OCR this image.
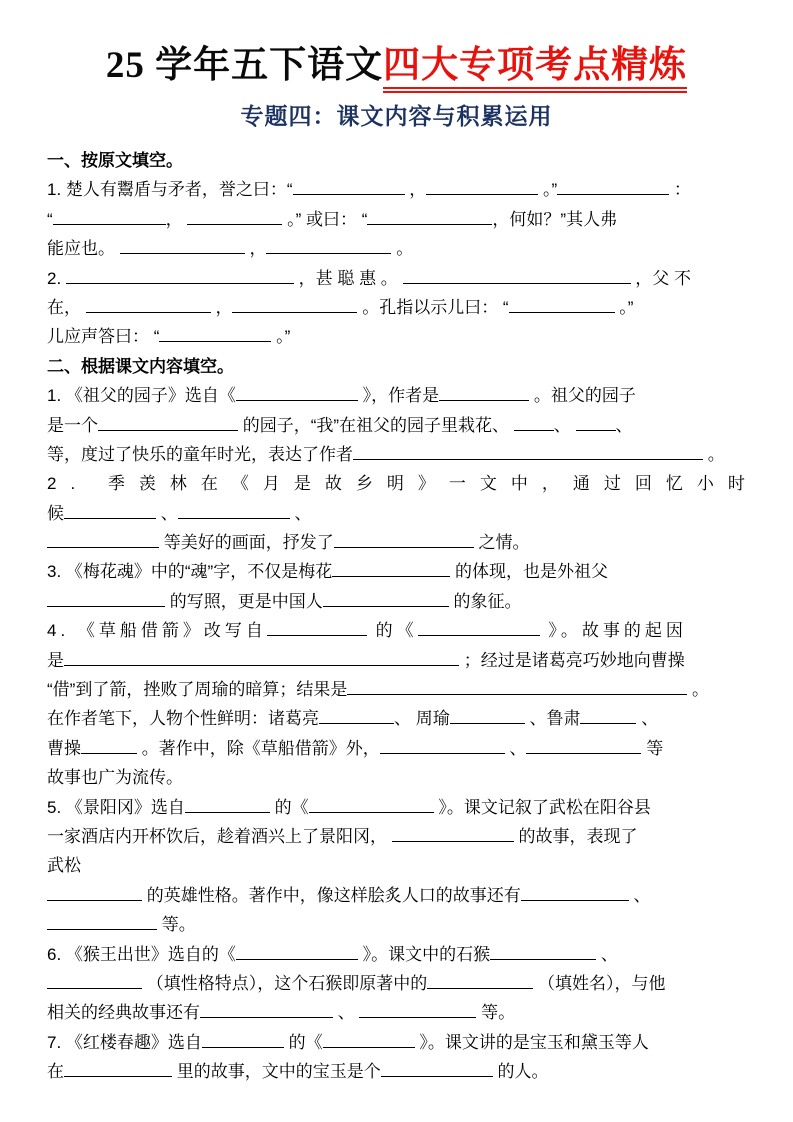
25 学年五下语文四大专项考点精炼
专题四：课文内容与积累运用
一、按原文填空。
1. 楚人有鬻盾与矛者，誉之曰：“	，	。”	：
“	，	。” 或曰： “	，何如？”其人弗
能应也。	，	。
2.	，甚 聪 惠 。	，父 不
在，	，	。孔指以示儿曰： “	。”
儿应声答曰： “	。”
二、根据课文内容填空。
1. 《祖父的园子》选自《	》，作者是	。祖父的园子
是一个	的园子，“我”在祖父的园子里栽花、 、 、
等，度过了快乐的童年时光，表达了作者	。
2. 季羡林在《月是故乡明》一文中，通过回忆小时
候	、	、
等美好的画面，抒发了	之情。
3. 《梅花魂》中的“魂”字，不仅是梅花	的体现，也是外祖父
的写照，更是中国人	的象征。
4. 《草船借箭》改写自	的《	》。故事的起因
是	；经过是诸葛亮巧妙地向曹操
“借”到了箭，挫败了周瑜的暗算；结果是	。
在作者笔下，人物个性鲜明：诸葛亮	、 周瑜	、鲁肃	、
曹操	。著作中，除《草船借箭》外，	、	等
故事也广为流传。
5. 《景阳冈》选自	的《	》。课文记叙了武松在阳谷县
一家酒店内开杯饮后，趁着酒兴上了景阳冈，	的故事，表现了
武松
的英雄性格。著作中，像这样脍炙人口的故事还有	、
等。
6. 《猴王出世》选自的《	》。课文中的石猴	、
（填性格特点），这个石猴即原著中的	（填姓名），与他
相关的经典故事还有	、	等。
7. 《红楼春趣》选自	的《	》。课文讲的是宝玉和黛玉等人
在	里的故事，文中的宝玉是个	的人。
